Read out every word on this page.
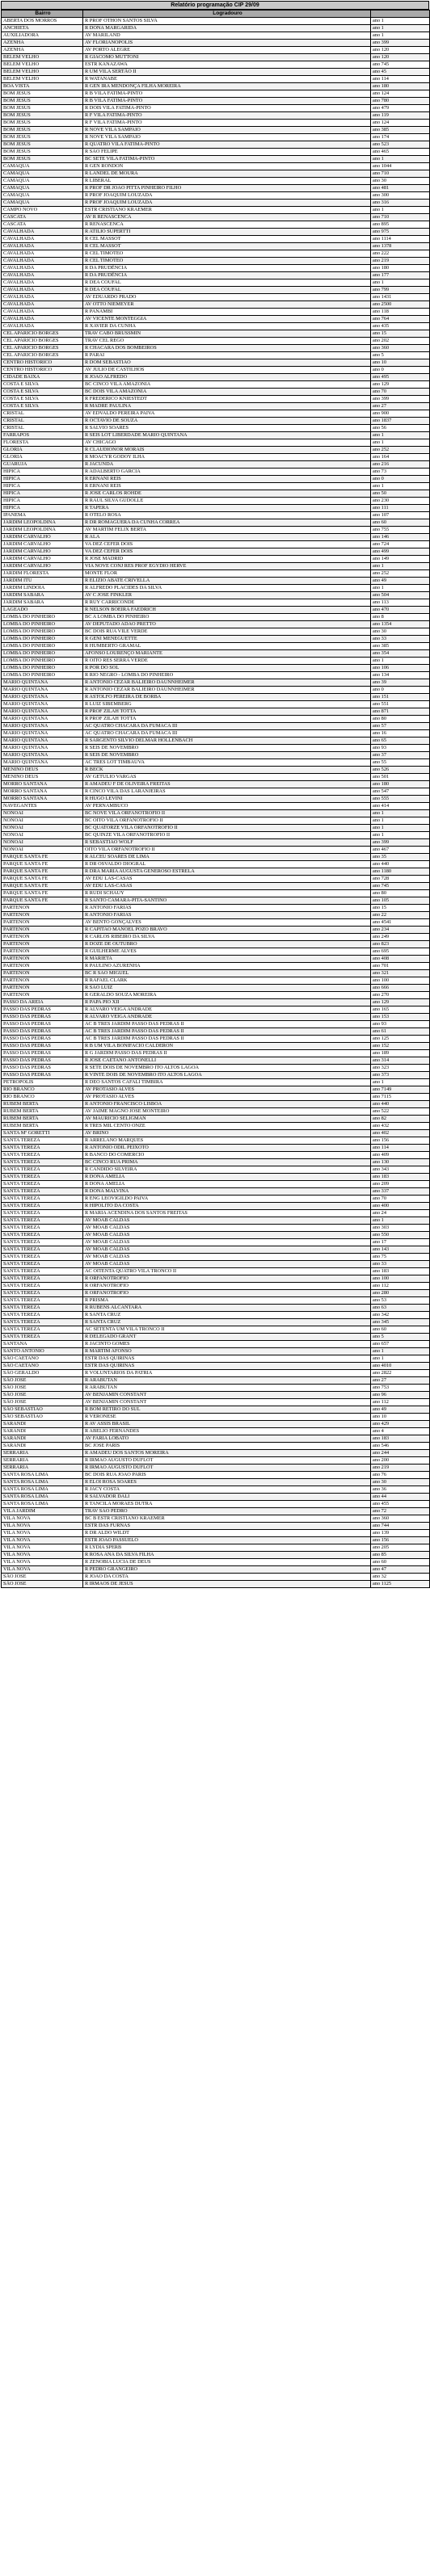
Relatório programação CIP 29/09
Bairro	Logradouro	
ABERTA DOS MORROS	R PROF OTHON SANTOS SILVA	ano 1
ANCHIETA	R DONA MARGARIDA	ano 1
AUXILIADORA	AV MARILAND	ano 1
AZENHA	AV FLORIANOPOLIS	ano 399
AZENHA	AV PORTO ALEGRE	ano 120
BELEM VELHO	R GIACOMO MUTTONI	ano 120
BELEM VELHO	ESTR KANAZAWA	ano 745
BELEM VELHO	R UM VILA SERTÃO II	ano 45
BELEM VELHO	R WATANABE	ano 114
BOA VISTA	R GEN IRA MENDONÇA FILHA MOREIRA	ano 180
BOM JESUS	R B VILA FATIMA-PINTO	ano 124
BOM JESUS	R B VILA FATIMA-PINTO	ano 780
BOM JESUS	R DOIS VILA FATIMA-PINTO	ano 479
BOM JESUS	R F VILA FATIMA-PINTO	ano 119
BOM JESUS	R F VILA FATIMA-PINTO	ano 124
BOM JESUS	R NOVE VILA SAMPAIO	ano 385
BOM JESUS	R NOVE VILA SAMPAIO	ano 174
BOM JESUS	R QUATRO VILA FATIMA-PINTO	ano 523
BOM JESUS	R SAO FELIPE	ano 465
BOM JESUS	BC SETE VILA FATIMA-PINTO	ano 1
CAMAQUA	R GEN RONDON	ano 1044
CAMAQUA	R LANDEL DE MOURA	ano 710
CAMAQUA	R LIBERAL	ano 30
CAMAQUA	R PROF DR JOAO PITTA PINHEIRO FILHO	ano 481
CAMAQUA	R PROF JOAQUIM LOUZADA	ano 300
CAMAQUA	R PROF JOAQUIM LOUZADA	ano 316
CAMPO NOVO	ESTR CRISTIANO KRAEMER	ano 1
CASCATA	AV R RENASCENCA	ano 710
CASCATA	R RENASCENCA	ano 895
CAVALHADA	R ATILIO SUPERTTI	ano 975
CAVALHADA	R CEL MASSOT	ano 1114
CAVALHADA	R CEL MASSOT	ano 1378
CAVALHADA	R CEL TIMOTEO	ano 222
CAVALHADA	R CEL TIMOTEO	ano 219
CAVALHADA	R DA PRUDÊNCIA	ano 180
CAVALHADA	R DA PRUDÊNCIA	ano 177
CAVALHADA	R DEA COUFAL	ano 1
CAVALHADA	R DEA COUFAL	ano 799
CAVALHADA	AV EDUARDO PRADO	ano 1431
CAVALHADA	AV OTTO NIEMEYER	ano 2500
CAVALHADA	R PANAMBI	ano 118
CAVALHADA	AV VICENTE MONTEGGIA	ano 764
CAVALHADA	R XAVIER DA CUNHA	ano 435
CEL APARICIO BORGES	TRAV CABO BRUSSMIN	ano 15
CEL APARICIO BORGES	TRAV CEL REGO	ano 202
CEL APARICIO BORGES	R CHACARA DOS BOMBEIROS	ano 360
CEL APARICIO BORGES	R PARAI	ano 5
CENTRO HISTORICO	R DOM SEBASTIAO	ano 10
CENTRO HISTORICO	AV JULIO DE CASTILHOS	ano 0
CIDADE BAIXA	R JOAO ALFREDO	ano 495
COSTA E SILVA	BC CINCO VILA AMAZONIA	ano 129
COSTA E SILVA	BC DOIS VILA AMAZONIA	ano 70
COSTA E SILVA	R FREDERICO KNIESTEDT	ano 399
COSTA E SILVA	R MADRE PAULINA	ano 27
CRISTAL	AV EDVALDO PEREIRA PAIVA	ano 900
CRISTAL	R OCTAVIO DE SOUZA	ano 1837
CRISTAL	R SALVIO SOARES	ano 56
FARRAPOS	R SEIS LOT LIBERDADE MARIO QUINTANA	ano 1
FLORESTA	AV CHICAGO	ano 1
GLORIA	R CLAUDIONOR MORAIS	ano 252
GLORIA	R MOACYR GODOY ILHA	ano 164
GUARUJA	R JACUNDA	ano 216
HIPICA	R ADALBERTO GARCIA	ano 73
HIPICA	R ERNANI REIS	ano 0
HIPICA	R ERNANI REIS	ano 1
HIPICA	R JOSE CARLOS ROHDE	ano 50
HIPICA	R RAUL SILVA GUDOLLE	ano 230
HIPICA	R TAPERA	ano 111
IPANEMA	R OTELO ROSA	ano 107
JARDIM LEOPOLDINA	R DR ROMAGUERA DA CUNHA CORREA	ano 60
JARDIM LEOPOLDINA	AV MARTIM FELIX BERTA	ano 755
JARDIM CARVALHO	R ALA	ano 146
JARDIM CARVALHO	VA DEZ CEFER DOIS	ano 724
JARDIM CARVALHO	VA DEZ CEFER DOIS	ano 499
JARDIM CARVALHO	R JOSE MADRID	ano 149
JARDIM CARVALHO	VIA NOVE CONJ RES PROF EGYDIO HERVE	ano 1
JARDIM FLORESTA	MONTE FLOR	ano 252
JARDIM ITU	R ELIZIO ABATE CRIVELLA	ano 49
JARDIM LINDOIA	R ALFREDO PLACIDES DA SILVA	ano 1
JARDIM SABARA	AV C JOSE FINKLER	ano 504
JARDIM SABARA	R RUY CARRICONDE	ano 113
LAGEADO	R NELSON BOEIRA FAEDRICH	ano 470
LOMBA DO PINHEIRO	BC A LOMBA DO PINHEIRO	ano 8
LOMBA DO PINHEIRO	AV DEPUTADO ADAO PRETTO	ano 1354
LOMBA DO PINHEIRO	BC DOIS RUA VILE VERDE	ano 30
LOMBA DO PINHEIRO	R GENI MENEGUETTE	ano 33
LOMBA DO PINHEIRO	R HUMBERTO GRAMAL	ano 385
LOMBA DO PINHEIRO	AFONSO LOURENÇO MARIANTE	ano 354
LOMBA DO PINHEIRO	R OITO RES SERRA VERDE	ano 1
LOMBA DO PINHEIRO	R POR DO SOL	ano 106
LOMBA DO PINHEIRO	R RIO NEGRO - LOMBA DO PINHEIRO	ano 134
MARIO QUINTANA	R ANTONIO CEZAR BALIEIRO DAUNNHEIMER	ano 39
MARIO QUINTANA	R ANTONIO CEZAR BALIEIRO DAUNNHEIMER	ano 0
MARIO QUINTANA	R ASTOLFO PEREIRA DE BORBA	ano 151
MARIO QUINTANA	R LUIZ SIBEMBERG	ano 551
MARIO QUINTANA	R PROF ZILAH TOTTA	ano 871
MARIO QUINTANA	R PROF ZILAH TOTTA	ano 80
MARIO QUINTANA	AC QUATRO CHACARA DA FUMACA III	ano 57
MARIO QUINTANA	AC QUATRO CHACARA DA FUMACA III	ano 16
MARIO QUINTANA	R SARGENTO SILVIO DELMAR HOLLENBACH	ano 65
MARIO QUINTANA	R SEIS DE NOVEMBRO	ano 93
MARIO QUINTANA	R SEIS DE NOVEMBRO	ano 37
MARIO QUINTANA	AC TRES LOT TIMBAUVA	ano 55
MENINO DEUS	R BECK	ano 526
MENINO DEUS	AV GETULIO VARGAS	ano 501
MORRO SANTANA	R AMADEU F DE OLIVEIRA FREITAS	ano 180
MORRO SANTANA	R CINCO VILA DAS LARANJEIRAS	ano 547
MORRO SANTANA	R HUGO LEVINI	ano 555
NAVEGANTES	AV PERNAMBUCO	ano 414
NONOAI	BC NOVE VILA ORFANOTROFIO II	ano 1
NONOAI	BC OITO VILA ORFANOTROFIO II	ano 1
NONOAI	BC QUATORZE VILA ORFANOTROFIO II	ano 1
NONOAI	BC QUINZE VILA ORFANOTROFIO II	ano 1
NONOAI	R SEBASTIAO WOLF	ano 399
NONOAI	OITO VILA ORFANOTROFIO II	ano 467
PARQUE SANTA FE	R ALCEU SOARES DE LIMA	ano 35
PARQUE SANTA FE	R DR OSVALDO DIOGRAL	ano 440
PARQUE SANTA FE	R DRA MARIA AUGUSTA GENEROSO ESTRELA	ano 1180
PARQUE SANTA FE	AV EDU LAS-CASAS	ano 728
PARQUE SANTA FE	AV EDU LAS-CASAS	ano 745
PARQUE SANTA FE	R RUDI SCHAUY	ano 80
PARQUE SANTA FE	R SANTO CAMARA-PITA-SANTINO	ano 105
PARTENON	R ANTONIO FARIAS	ano 15
PARTENON	R ANTONIO FARIAS	ano 22
PARTENON	AV BENTO GONÇALVES	ano 4541
PARTENON	R CAPITAO MANOEL POZO BRAVO	ano 234
PARTENON	R CARLOS RIBEIRO DA SILVA	ano 249
PARTENON	R DOZE DE OUTUBRO	ano 823
PARTENON	R GUILHERME ALVES	ano 695
PARTENON	R MARIETA	ano 408
PARTENON	R PAULINO AZURENHA	ano 701
PARTENON	BC R SAO MIGUEL	ano 321
PARTENON	R RAFAEL CLARK	ano 100
PARTENON	R SAO LUIZ	ano 666
PARTENON	R GERALDO SOUZA MOREIRA	ano 270
PASSO DA AREIA	R PAPA PIO XII	ano 129
PASSO DAS PEDRAS	R ALVARO VEIGA ANDRADE	ano 165
PASSO DAS PEDRAS	R ALVARO VEIGA ANDRADE	ano 153
PASSO DAS PEDRAS	AC B TRES JARDIM PASSO DAS PEDRAS II	ano 93
PASSO DAS PEDRAS	AC B TRES JARDIM PASSO DAS PEDRAS II	ano 61
PASSO DAS PEDRAS	AC B TRES JARDIM PASSO DAS PEDRAS II	ano 125
PASSO DAS PEDRAS	R B UM VILA BONIFACIO CALDERON	ano 152
PASSO DAS PEDRAS	R G JARDIM PASSO DAS PEDRAS II	ano 189
PASSO DAS PEDRAS	R JOSE CAETANO ANTONELLI	ano 314
PASSO DAS PEDRAS	R SETE DOIS DE NOVEMBRO ITO ALTOS LAGOA	ano 323
PASSO DAS PEDRAS	R VINTE DOIS DE NOVEMBRO ITO ALTOS LAGOA	ano 373
PETROPOLIS	R DEO SANTOS CAFALI TIMBIRA	ano 1
RIO BRANCO	AV PROTASIO ALVES	ano 7149
RIO BRANCO	AV PROTASIO ALVES	ano 7115
RUBEM BERTA	R ANTONIO FRANCISCO LISBOA	ano 440
RUBEM BERTA	AV JAIME MAGNO JOSE MONTEIRO	ano 522
RUBEM BERTA	AV MAURICIO SELIGMAN	ano 82
RUBEM BERTA	R TRES MIL CENTO ONZE	ano 432
SANTA Mª GORETTI	AV BRINO	ano 402
SANTA TEREZA	R ARRELANO MARQUES	ano 156
SANTA TEREZA	R ANTONIO ODIL PEIXOTO	ano 114
SANTA TEREZA	R BANCO DO COMERCIO	ano 409
SANTA TEREZA	BC CINCO RUA PRIMA	ano 130
SANTA TEREZA	R CANDIDO SILVEIRA	ano 343
SANTA TEREZA	R DONA AMELIA	ano 183
SANTA TEREZA	R DONA AMELIA	ano 209
SANTA TEREZA	R DONA MALVINA	ano 337
SANTA TEREZA	R ENG LEOVIGILDO PAIVA	ano 70
SANTA TEREZA	R HIPOLITO DA COSTA	ano 400
SANTA TEREZA	R MARIA ACENDINA DOS SANTOS FREITAS	ano 24
SANTA TEREZA	AV MOAB CALDAS	ano 1
SANTA TEREZA	AV MOAB CALDAS	ano 303
SANTA TEREZA	AV MOAB CALDAS	ano 550
SANTA TEREZA	AV MOAB CALDAS	ano 17
SANTA TEREZA	AV MOAB CALDAS	ano 143
SANTA TEREZA	AV MOAB CALDAS	ano 75
SANTA TEREZA	AV MOAB CALDAS	ano 33
SANTA TEREZA	AC OITENTA QUATRO VILA TRONCO II	ano 183
SANTA TEREZA	R ORFANOTROFIO	ano 100
SANTA TEREZA	R ORFANOTROFIO	ano 112
SANTA TEREZA	R ORFANOTROFIO	ano 280
SANTA TEREZA	R PRISMA	ano 53
SANTA TEREZA	R RUBENS ALCANTARA	ano 63
SANTA TEREZA	R SANTA CRUZ	ano 342
SANTA TEREZA	R SANTA CRUZ	ano 345
SANTA TEREZA	AC SETENTA UM VILA TRONCO II	ano 60
SANTA TEREZA	R DELEGADO GRANT	ano 5
SANTANA	R JACINTO GOMES	ano 657
SANTO ANTONIO	R MARTIM AFONSO	ano 1
SÃO CAETANO	ESTR DAS QUIRINAS	ano 1
SÃO CAETANO	ESTR DAS QUIRINAS	ano 4010
SÃO GERALDO	R VOLUNTARIOS DA PATRIA	ano 2822
SÃO JOSE	R ARABUTAN	ano 27
SÃO JOSE	R ARABUTAN	ano 753
SÃO JOSE	AV BENJAMIN CONSTANT	ano 96
SÃO JOSE	AV BENJAMIN CONSTANT	ano 112
SÃO SEBASTIAO	R BOM RETIRO DO SUL	ano 49
SÃO SEBASTIAO	R VERONESE	ano 10
SARANDI	R AV ASSIS BRASIL	ano 429
SARANDI	R ABELIO FERNANDES	ano 4
SARANDI	AV FARIA LOBATO	ano 183
SARANDI	BC JOSE PARIS	ano 546
SERRARIA	R AMADEU DOS SANTOS MOREIRA	ano 244
SERRARIA	R IRMAO AUGUSTO DUFLOT	ano 200
SERRARIA	R IRMAO AUGUSTO DUFLOT	ano 219
SANTA ROSA LIMA	BC DOIS RUA JOAO PARIS	ano 76
SANTA ROSA LIMA	R ELOI ROSA SOARES	ano 30
SANTA ROSA LIMA	R JACY COSTA	ano 36
SANTA ROSA LIMA	R SALVADOR DALI	ano 44
SANTA ROSA LIMA	R TANCILA MORAES DUTRA	ano 455
VILA JARDIM	TRAV SAO PEDRO	ano 72
VILA NOVA	BC B ESTR CRISTIANO KRAEMER	ano 360
VILA NOVA	ESTR DAS FURNAS	ano 744
VILA NOVA	R DR ALDO WILDT	ano 139
VILA NOVA	ESTR JOAO PASSUELO	ano 156
VILA NOVA	R LYDIA SPERB	ano 205
VILA NOVA	R ROSA ANA DA SILVA FILHA	ano 85
VILA NOVA	R ZENOBIA LUCIA DE DEUS	ano 60
VILA NOVA	R PEDRO GRANGEIRO	ano 47
SÃO JOSE	R JOAO DA COSTA	ano 32
SÃO JOSE	R IRMAOS DE JESUS	ano 1125
